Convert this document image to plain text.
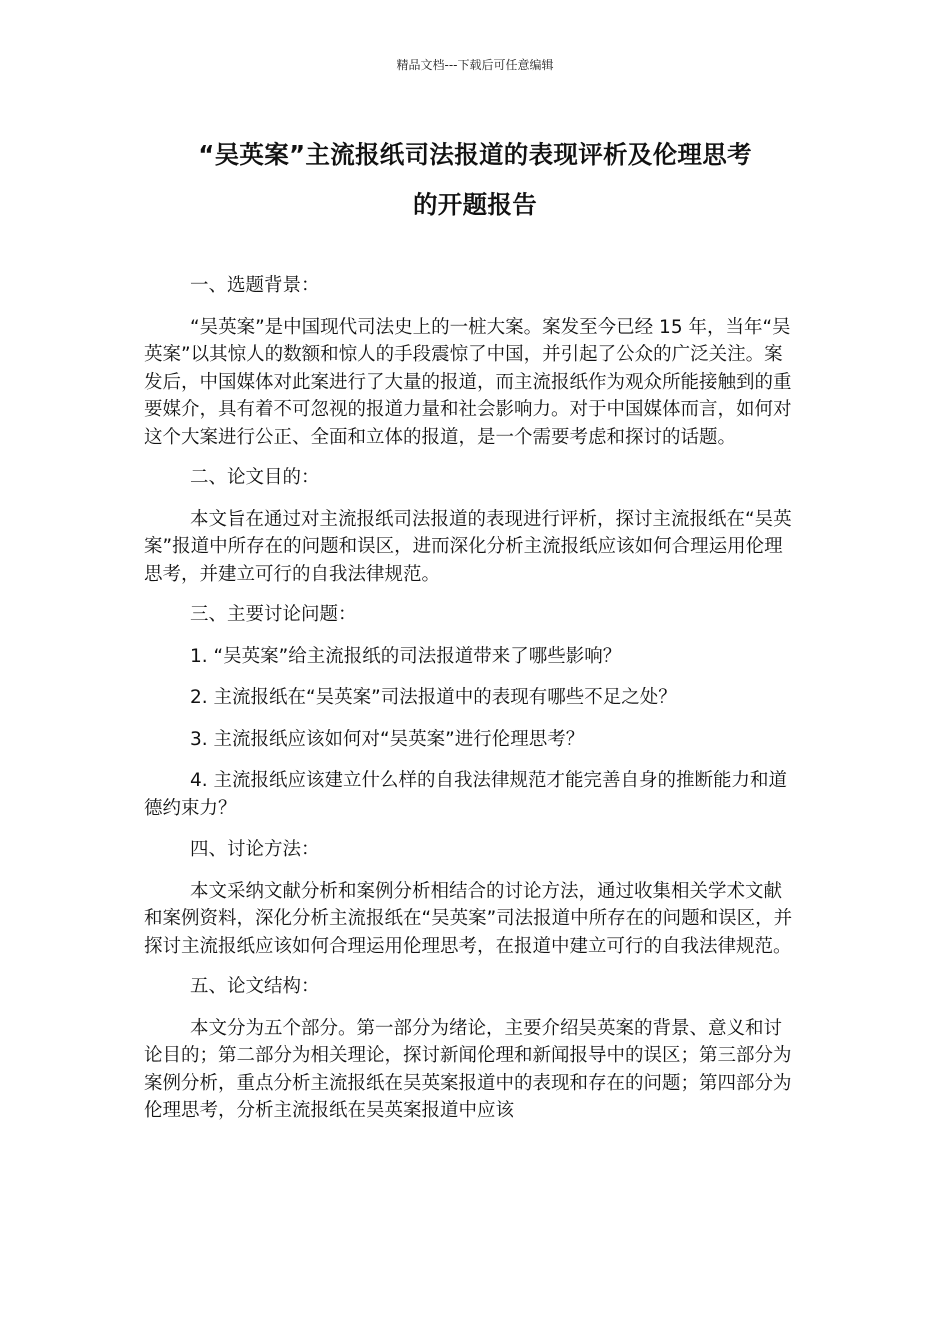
精品文档---下载后可任意编辑
“吴英案”主流报纸司法报道的表现评析及伦理思考
的开题报告

一、选题背景：

“吴英案”是中国现代司法史上的一桩大案。案发至今已经 15 年，当年“吴英案”以其惊人的数额和惊人的手段震惊了中国，并引起了公众的广泛关注。案发后，中国媒体对此案进行了大量的报道，而主流报纸作为观众所能接触到的重要媒介，具有着不可忽视的报道力量和社会影响力。对于中国媒体而言，如何对这个大案进行公正、全面和立体的报道，是一个需要考虑和探讨的话题。

二、论文目的：

本文旨在通过对主流报纸司法报道的表现进行评析，探讨主流报纸在“吴英案”报道中所存在的问题和误区，进而深化分析主流报纸应该如何合理运用伦理思考，并建立可行的自我法律规范。

三、主要讨论问题：

1. “吴英案”给主流报纸的司法报道带来了哪些影响？

2. 主流报纸在“吴英案”司法报道中的表现有哪些不足之处？

3. 主流报纸应该如何对“吴英案”进行伦理思考？

4. 主流报纸应该建立什么样的自我法律规范才能完善自身的推断能力和道德约束力？

四、讨论方法：

本文采纳文献分析和案例分析相结合的讨论方法，通过收集相关学术文献和案例资料，深化分析主流报纸在“吴英案”司法报道中所存在的问题和误区，并探讨主流报纸应该如何合理运用伦理思考，在报道中建立可行的自我法律规范。

五、论文结构：

本文分为五个部分。第一部分为绪论，主要介绍吴英案的背景、意义和讨论目的；第二部分为相关理论，探讨新闻伦理和新闻报导中的误区；第三部分为案例分析，重点分析主流报纸在吴英案报道中的表现和存在的问题；第四部分为伦理思考，分析主流报纸在吴英案报道中应该
